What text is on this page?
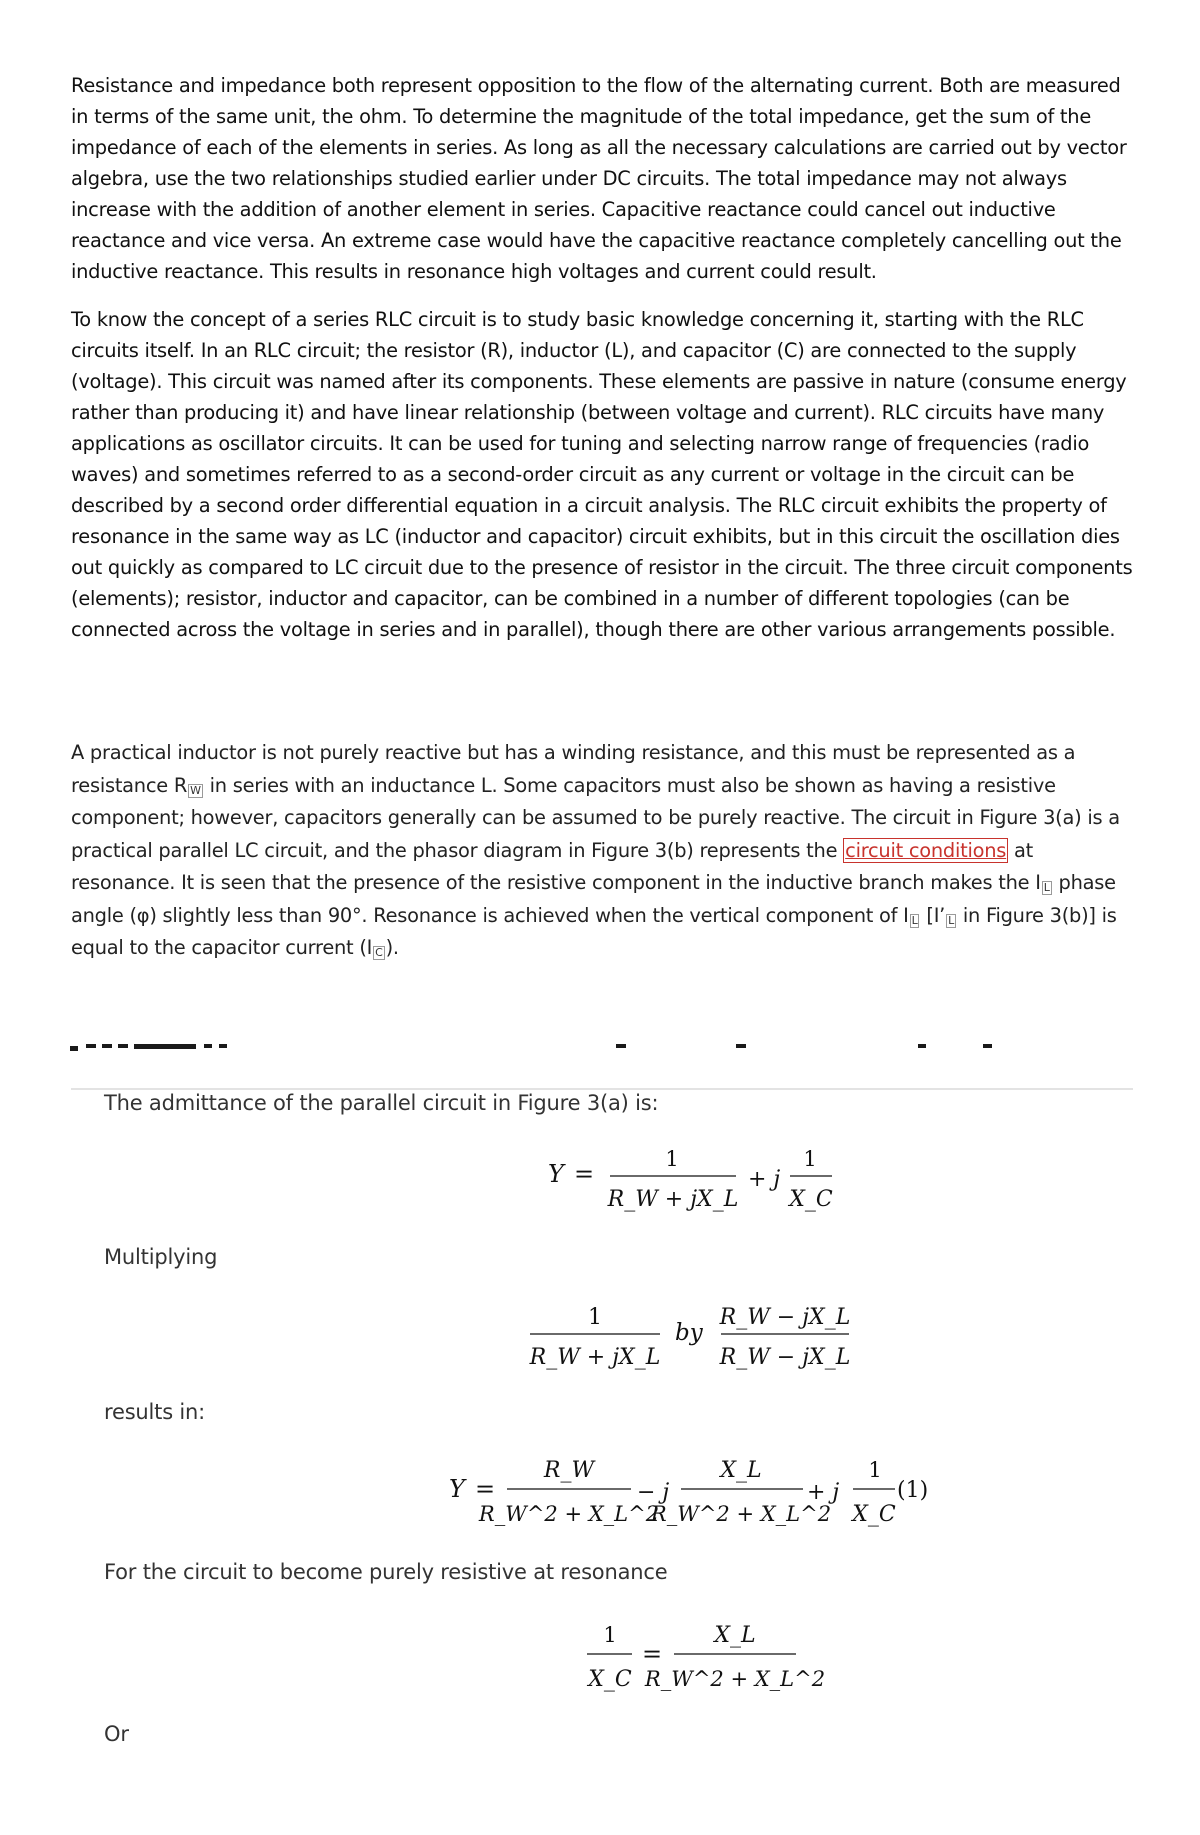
Resistance and impedance both represent opposition to the flow of the alternating current. Both are measured in terms of the same unit, the ohm. To determine the magnitude of the total impedance, get the sum of the impedance of each of the elements in series. As long as all the necessary calculations are carried out by vector algebra, use the two relationships studied earlier under DC circuits. The total impedance may not always increase with the addition of another element in series. Capacitive reactance could cancel out inductive reactance and vice versa. An extreme case would have the capacitive reactance completely cancelling out the inductive reactance. This results in resonance high voltages and current could result.

To know the concept of a series RLC circuit is to study basic knowledge concerning it, starting with the RLC circuits itself. In an RLC circuit; the resistor (R), inductor (L), and capacitor (C) are connected to the supply (voltage). This circuit was named after its components. These elements are passive in nature (consume energy rather than producing it) and have linear relationship (between voltage and current). RLC circuits have many applications as oscillator circuits. It can be used for tuning and selecting narrow range of frequencies (radio waves) and sometimes referred to as a second-order circuit as any current or voltage in the circuit can be described by a second order differential equation in a circuit analysis. The RLC circuit exhibits the property of resonance in the same way as LC (inductor and capacitor) circuit exhibits, but in this circuit the oscillation dies out quickly as compared to LC circuit due to the presence of resistor in the circuit. The three circuit components (elements); resistor, inductor and capacitor, can be combined in a number of different topologies (can be connected across the voltage in series and in parallel), though there are other various arrangements possible.

A practical inductor is not purely reactive but has a winding resistance, and this must be represented as a resistance R W in series with an inductance L. Some capacitors must also be shown as having a resistive component; however, capacitors generally can be assumed to be purely reactive. The circuit in Figure 3(a) is a practical parallel LC circuit, and the phasor diagram in Figure 3(b) represents the circuit conditions at resonance. It is seen that the presence of the resistive component in the inductive branch makes the I L phase angle (φ) slightly less than 90°. Resonance is achieved when the vertical component of I L [I’ L in Figure 3(b)] is equal to the capacitor current (I C ).

The admittance of the parallel circuit in Figure 3(a) is:

Y =
1
R_W + jX_L
+ j
1
X_C

Multiplying

1
R_W + jX_L
by
R_W − jX_L
R_W − jX_L

results in:

Y =
R_W
R_W^2 + X_L^2
− j
X_L
R_W^2 + X_L^2
+ j
1
X_C
(1)

For the circuit to become purely resistive at resonance

1
X_C
=
X_L
R_W^2 + X_L^2

Or
